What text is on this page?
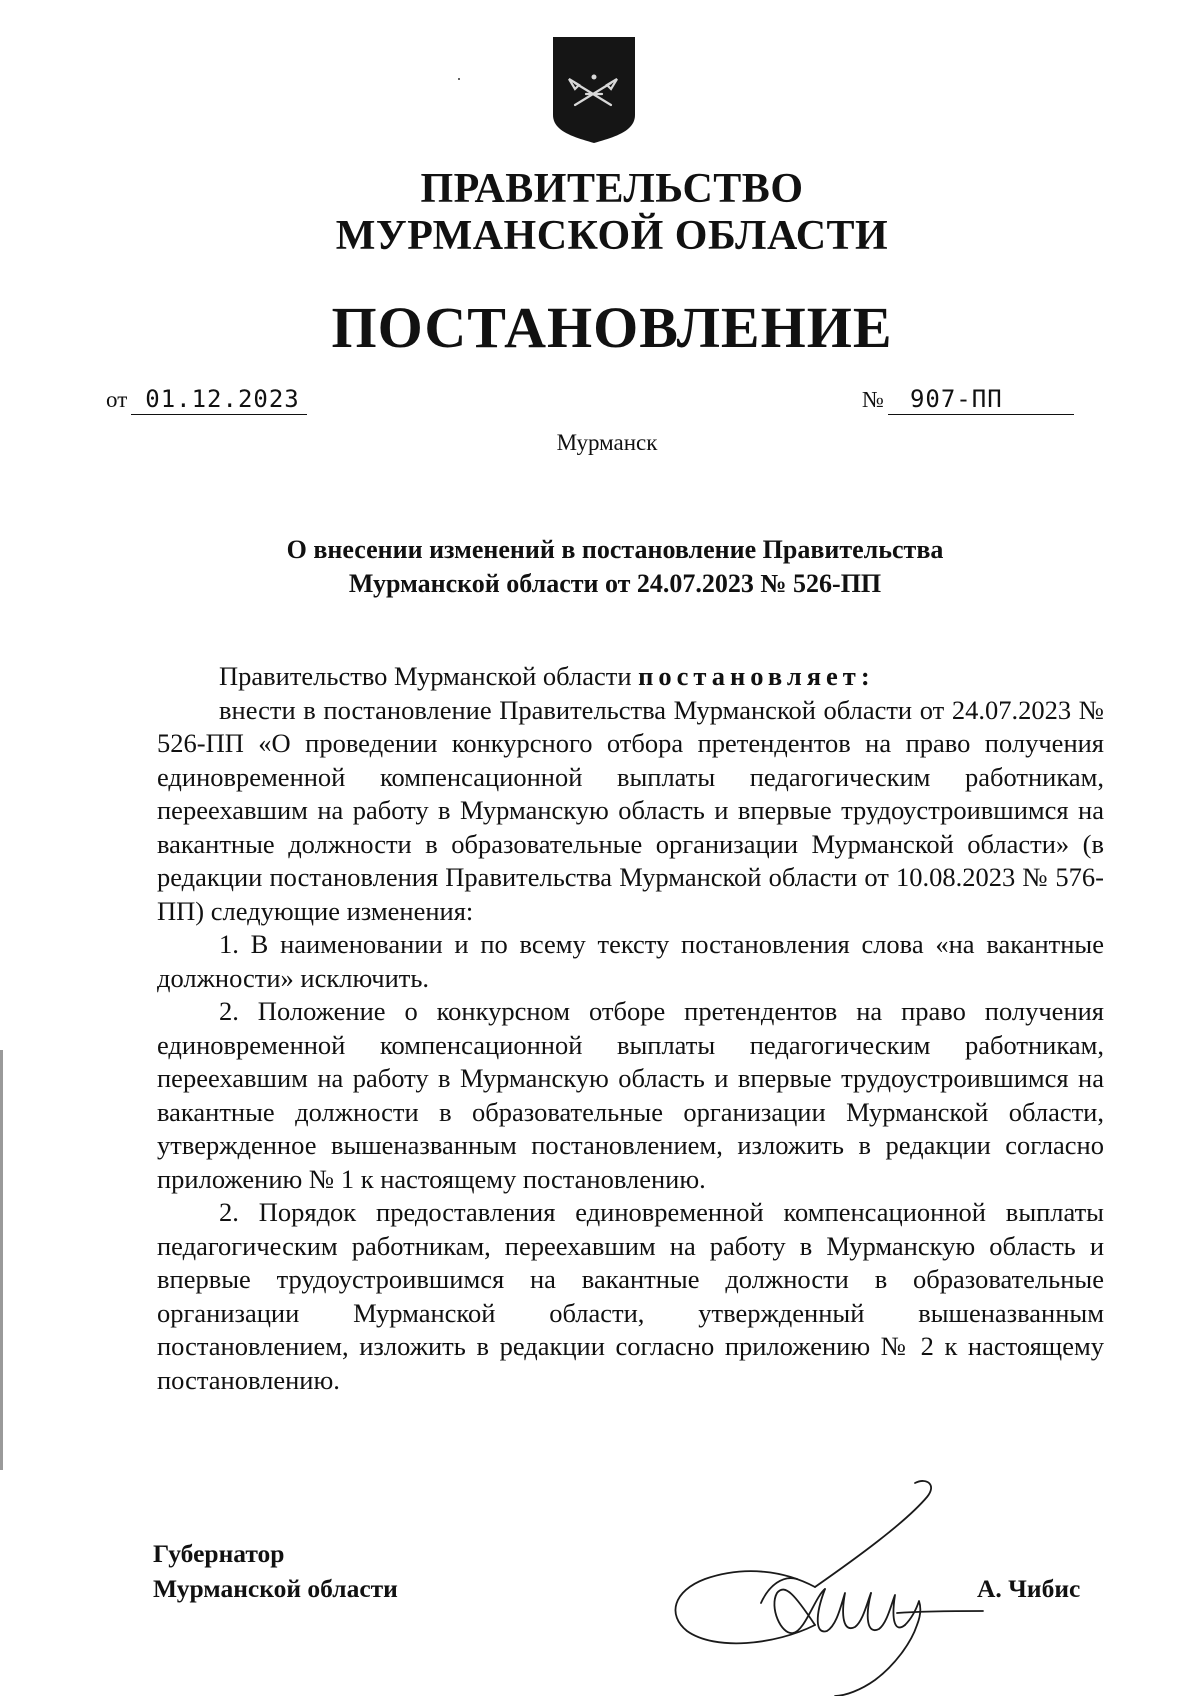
ПРАВИТЕЛЬСТВО
МУРМАНСКОЙ ОБЛАСТИ
ПОСТАНОВЛЕНИЕ
от 01.12.2023	№ 907-ПП
Мурманск
О внесении изменений в постановление Правительства
Мурманской области от 24.07.2023 № 526-ПП

Правительство Мурманской области постановляет:

внести в постановление Правительства Мурманской области от 24.07.2023 № 526-ПП «О проведении конкурсного отбора претендентов на право получения единовременной компенсационной выплаты педагогическим работникам, переехавшим на работу в Мурманскую область и впервые трудоустроившимся на вакантные должности в образовательные организации Мурманской области» (в редакции постановления Правительства Мурманской области от 10.08.2023 № 576-ПП) следующие изменения:

1. В наименовании и по всему тексту постановления слова «на вакантные должности» исключить.

2. Положение о конкурсном отборе претендентов на право получения единовременной компенсационной выплаты педагогическим работникам, переехавшим на работу в Мурманскую область и впервые трудоустроившимся на вакантные должности в образовательные организации Мурманской области, утвержденное вышеназванным постановлением, изложить в редакции согласно приложению № 1 к настоящему постановлению.

2. Порядок предоставления единовременной компенсационной выплаты педагогическим работникам, переехавшим на работу в Мурманскую область и впервые трудоустроившимся на вакантные должности в образовательные организации Мурманской области, утвержденный вышеназванным постановлением, изложить в редакции согласно приложению № 2 к настоящему постановлению.

Губернатор
Мурманской области	А. Чибис
